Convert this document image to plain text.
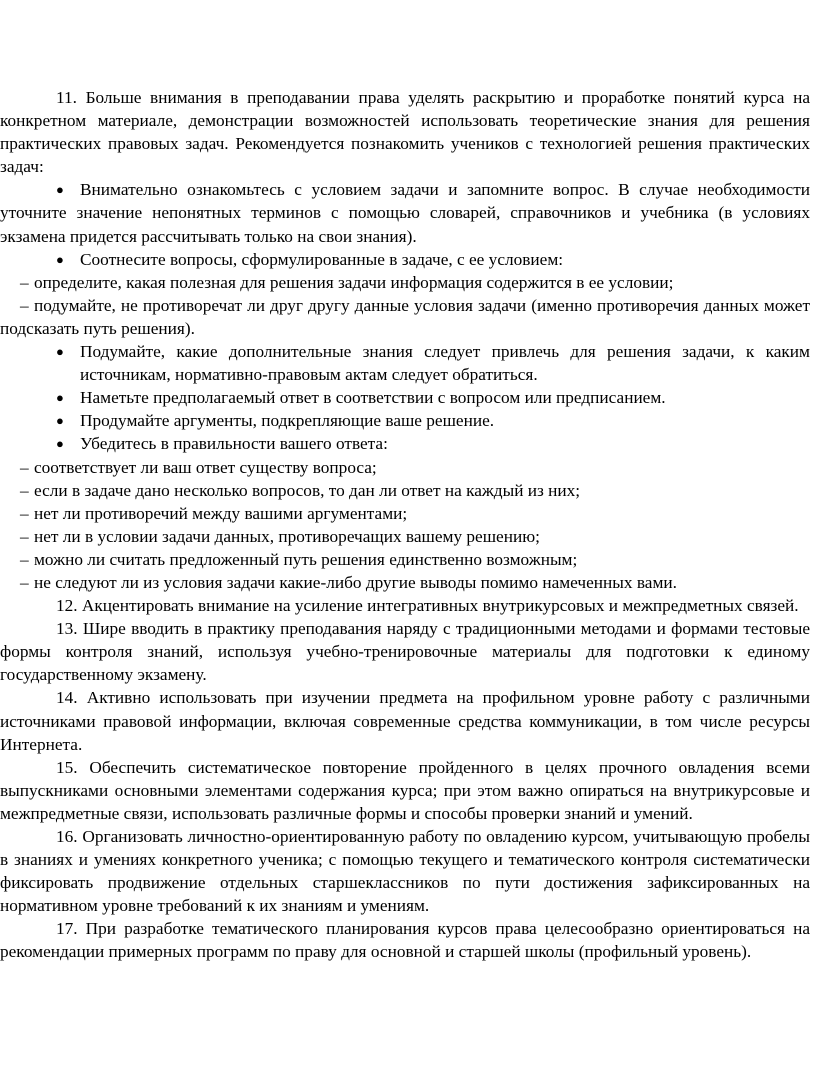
11. Больше внимания в преподавании права уделять раскрытию и проработке понятий курса на конкретном материале, демонстрации возможностей использовать теоретические знания для решения практических правовых задач. Рекомендуется познакомить учеников с технологией решения практических задач:

● Внимательно ознакомьтесь с условием задачи и запомните вопрос. В случае необходимости уточните значение непонятных терминов с помощью словарей, справочников и учебника (в условиях экзамена придется рассчитывать только на свои знания).

● Соотнесите вопросы, сформулированные в задаче, с ее условием:

– определите, какая полезная для решения задачи информация содержится в ее условии;

– подумайте, не противоречат ли друг другу данные условия задачи (именно противоречия данных может подсказать путь решения).

● Подумайте, какие дополнительные знания следует привлечь для решения задачи, к каким источникам, нормативно-правовым актам следует обратиться.

● Наметьте предполагаемый ответ в соответствии с вопросом или предписанием.

● Продумайте аргументы, подкрепляющие ваше решение.

● Убедитесь в правильности вашего ответа:

– соответствует ли ваш ответ существу вопроса;

– если в задаче дано несколько вопросов, то дан ли ответ на каждый из них;

– нет ли противоречий между вашими аргументами;

– нет ли в условии задачи данных, противоречащих вашему решению;

– можно ли считать предложенный путь решения единственно возможным;

– не следуют ли из условия задачи какие-либо другие выводы помимо намеченных вами.

12. Акцентировать внимание на усиление интегративных внутрикурсовых и межпредметных связей.

13. Шире вводить в практику преподавания наряду с традиционными методами и формами тестовые формы контроля знаний, используя учебно-тренировочные материалы для подготовки к единому государственному экзамену.

14. Активно использовать при изучении предмета на профильном уровне работу с различными источниками правовой информации, включая современные средства коммуникации, в том числе ресурсы Интернета.

15. Обеспечить систематическое повторение пройденного в целях прочного овладения всеми выпускниками основными элементами содержания курса; при этом важно опираться на внутрикурсовые и межпредметные связи, использовать различные формы и способы проверки знаний и умений.

16. Организовать личностно-ориентированную работу по овладению курсом, учитывающую пробелы в знаниях и умениях конкретного ученика; с помощью текущего и тематического контроля систематически фиксировать продвижение отдельных старшеклассников по пути достижения зафиксированных на нормативном уровне требований к их знаниям и умениям.

17. При разработке тематического планирования курсов права целесообразно ориентироваться на рекомендации примерных программ по праву для основной и старшей школы (профильный уровень).
